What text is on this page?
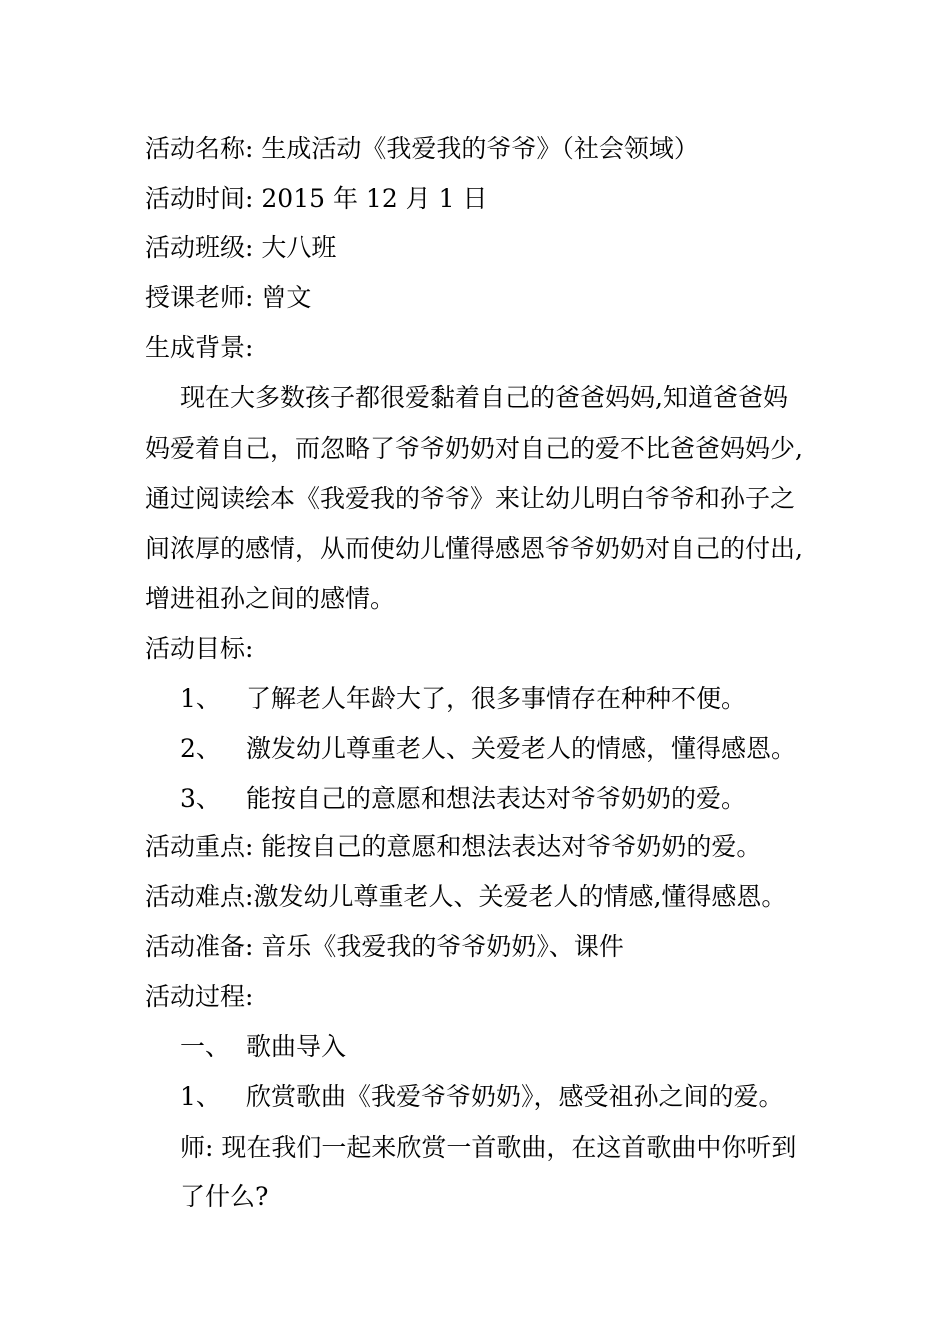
活动名称: 生成活动《我爱我的爷爷》（社会领域）
活动时间: 2015 年 12 月 1 日
活动班级: 大八班
授课老师: 曾文
生成背景:
现在大多数孩子都很爱黏着自己的爸爸妈妈,知道爸爸妈
妈爱着自己，而忽略了爷爷奶奶对自己的爱不比爸爸妈妈少,
通过阅读绘本《我爱我的爷爷》来让幼儿明白爷爷和孙子之
间浓厚的感情，从而使幼儿懂得感恩爷爷奶奶对自己的付出,
增进祖孙之间的感情。
活动目标:
1、 了解老人年龄大了，很多事情存在种种不便。
2、 激发幼儿尊重老人、关爱老人的情感，懂得感恩。
3、 能按自己的意愿和想法表达对爷爷奶奶的爱。
活动重点: 能按自己的意愿和想法表达对爷爷奶奶的爱。
活动难点:激发幼儿尊重老人、关爱老人的情感,懂得感恩。
活动准备: 音乐《我爱我的爷爷奶奶》、课件
活动过程:
一、 歌曲导入
1、 欣赏歌曲《我爱爷爷奶奶》，感受祖孙之间的爱。
师: 现在我们一起来欣赏一首歌曲，在这首歌曲中你听到
了什么?
